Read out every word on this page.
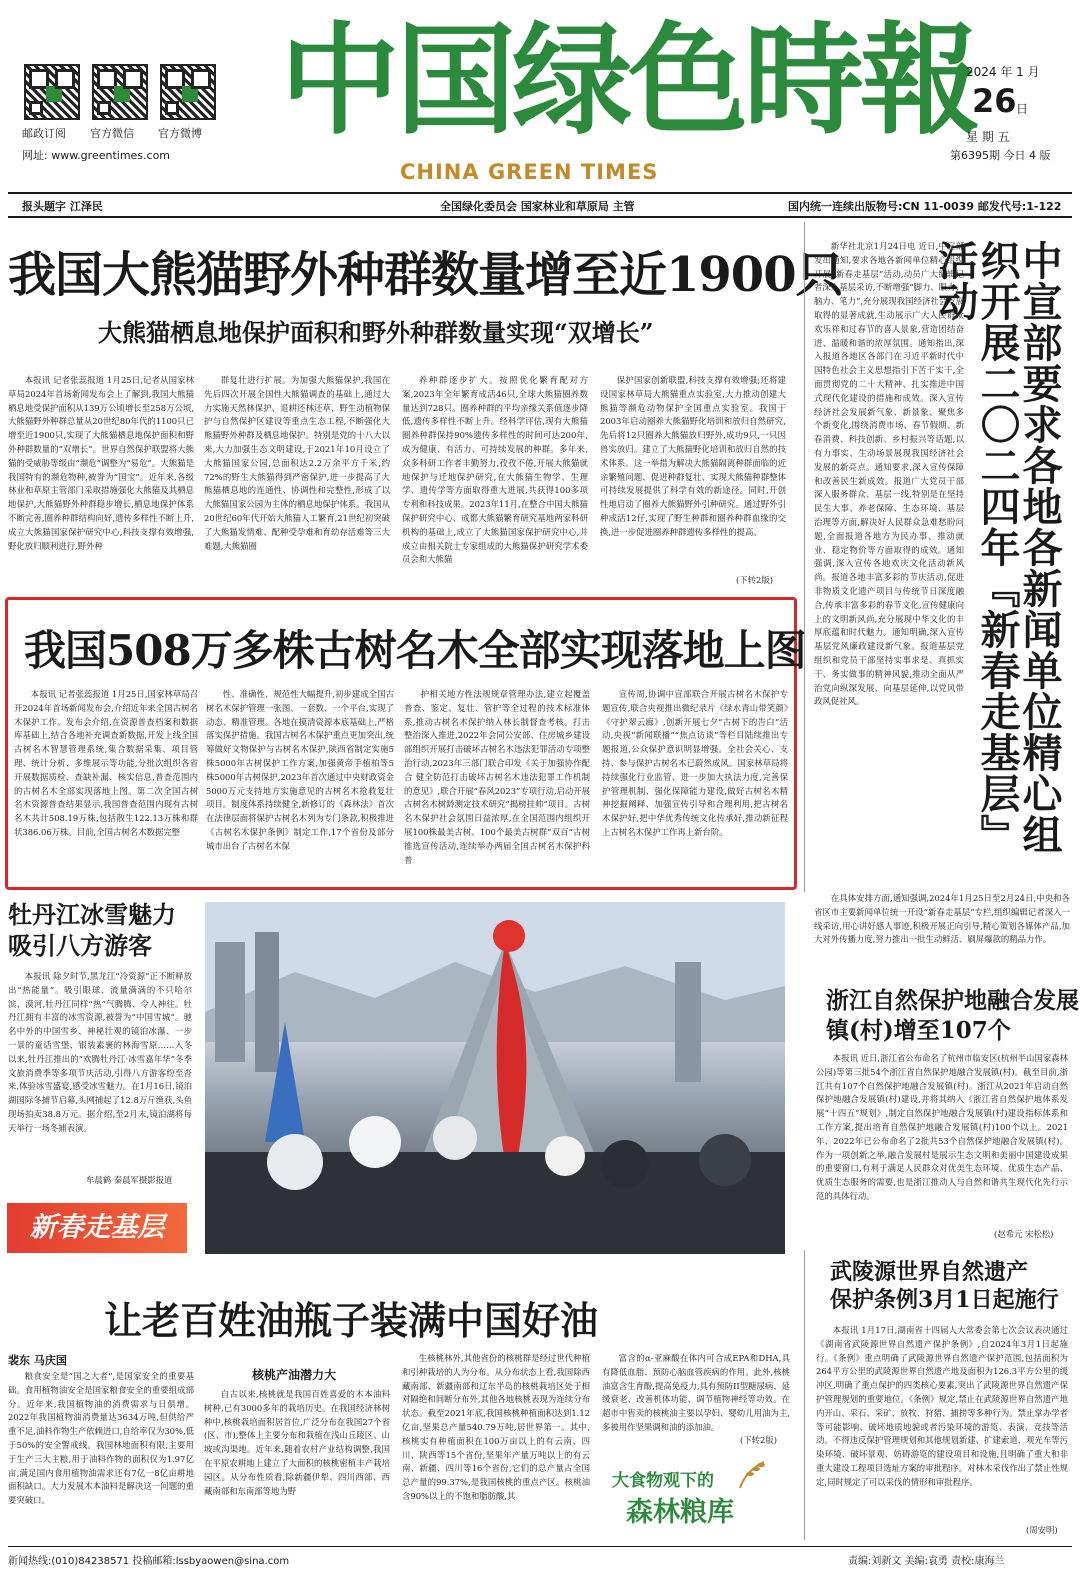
邮政订阅 官方微信 官方微博
网址: www.greentimes.com
中国绿色時報
CHINA GREEN TIMES
2024 年 1 月
26 日
星 期 五
第6395期 今日 4 版
报头题字 江泽民	全国绿化委员会 国家林业和草原局 主管	国内统一连续出版物号:CN 11-0039 邮发代号:1-122
我国大熊猫野外种群数量增至近1900只
大熊猫栖息地保护面积和野外种群数量实现“双增长”

本报讯 记者张蕊报道 1月25日,记者从国家林草局2024年首场新闻发布会上了解到,我国大熊猫栖息地受保护面积从139万公顷增长至258万公顷,大熊猫野外种群总量从20世纪80年代的1100只已增至近1900只,实现了大熊猫栖息地保护面积和野外种群数量的“双增长”。世界自然保护联盟将大熊猫的受威胁等级由“濒危”调整为“易危”。大熊猫是我国特有的濒危物种,被誉为“国宝”。近年来,各级林业和草原主管部门采取措施强化大熊猫及其栖息地保护,大熊猫野外种群稳步增长,栖息地保护体系不断完善,圈养种群结构向好,遗传多样性不断上升,成立大熊猫国家保护研究中心,科技支撑有效增强,野化放归顺利进行,野外种

群复壮进行扩展。为加强大熊猫保护,我国在先后四次开展全国性大熊猫调查的基础上,通过大力实施天然林保护、退耕还林还草、野生动植物保护与自然保护区建设等重点生态工程,不断强化大熊猫野外种群及栖息地保护。特别是党的十八大以来,大力加强生态文明建设,于2021年10月设立了大熊猫国家公园,总面积达2.2万余平方千米,约72%的野生大熊猫得到严密保护,进一步提高了大熊猫栖息地的连通性、协调性和完整性,形成了以大熊猫国家公园为主体的栖息地保护体系。我国从20世纪60年代开始大熊猫人工繁育,21世纪初突破了大熊猫发情难、配种受孕难和育幼存活难等三大难题,大熊猫圈

养种群逐步扩大。按照优化繁育配对方案,2023年全年繁育成活46只,全球大熊猫圈养数量达到728只。圈养种群的平均亲缘关系值逐步降低,遗传多样性不断上升。经科学评估,现有大熊猫圈养种群保持90%遗传多样性的时间可达200年,成为健康、有活力、可持续发展的种群。多年来,众多科研工作者丰勤努力,孜孜不倦,开展大熊猫就地保护与迁地保护研究,在大熊猫生物学、生理学、遗传学等方面取得重大进展,共获得100多项专利和科技成果。2023年11月,在整合中国大熊猫保护研究中心、成都大熊猫繁育研究基地两家科研机构的基础上,成立了大熊猫国家保护研究中心,并成立由相关院士专家组成的大熊猫保护研究学术委员会和大熊猫

保护国家创新联盟,科技支撑有效增强;还将建设国家林草局大熊猫重点实验室,大力推动创建大熊猫等濒危动物保护全国重点实验室。我国于2003年启动圈养大熊猫野化培训和放归自然研究,先后将12只圈养大熊猫放归野外,成功9只,一只因兽实放归。建立了大熊猫野化培训和放归自然的技术体系。这一举措为解决大熊猫隔离种群面临的近亲繁殖问题、促进种群复壮、实现大熊猫种群整体可持续发展提供了科学有效的新途径。同时,开创性地启动了圈养大熊猫野外引种研究。通过野外引种成活12仔,实现了野生种群和圈养种群血缘的交换,进一步促进圈养种群遗传多样性的提高。

(下转2版)

新华社北京1月24日电 近日,中宣部发出通知,要求各地各新闻单位精心组织开展“新春走基层”活动,动员广大编辑记者深入基层采访,不断增强“脚力、眼力、脑力、笔力”,充分展现我国经济社会发展取得的显著成就,生动展示广大人民群众欢乐祥和过春节的喜人景象,营造团结奋进、温暖和谐的浓厚氛围。通知指出,深入报道各地区各部门在习近平新时代中国特色社会主义思想指引下苦干实干,全面贯彻党的二十大精神、扎实推进中国式现代化建设的措施和成效。深入宣传经济社会发展新气象、新景象、聚焦多个新变化,围绕消费市场、春节假期、新春消费、科技创新、乡村振兴等话题,以有力事实、生动场景展现我国经济社会发展的新亮点。通知要求,深入宣传保障和改善民生新成效。报道广大党员干部深入服务群众、基层一线,特别是在坚持民生大事、养老保障、生态环境、基层治理等方面,解决好人民群众急难愁盼问题,全面报道各地方为民办事、推动就业、稳定物价等方面取得的成效。通知强调,深入宣传各地欢庆文化活动新风尚。报道各地丰富多彩的节庆活动,促进非物质文化遗产项目与传统节日深度融合,传承丰富多彩的春节文化,宣传健康向上的文明新风尚,充分展现中华文化的丰厚底蕴和时代魅力。通知明确,深入宣传基层党风廉政建设新气象。报道基层党组织和党员干部坚持实事求是、真抓实干、务实做事的精神风貌,推动全面从严治党向纵深发展、向基层延伸,以党风带政风促社风。	中宣部要求各地各新闻单位精心组织开展二〇二四年『新春走基层』活动

在具体安排方面,通知强调,2024年1月25日至2月24日,中央和各省区市主要新闻单位统一开设“新春走基层”专栏,组织编辑记者深入一线采访,用心讲好感人事迹,积极开展正向引导,精心策划各媒体产品,加大对外传播力度,努力推出一批生动鲜活、刷屏爆款的精品力作。

我国508万多株古树名木全部实现落地上图

本报讯 记者张蕊报道 1月25日,国家林草局召开2024年首场新闻发布会,介绍近年来全国古树名木保护工作。发布会介绍,在资源普查档案和数据库基础上,结合各地补充调查新数据,开发上线全国古树名木智慧管理系统,集合数据采集、项目管理、统计分析、多维展示等功能,分批次组织各省开展数据质检、查缺补漏、核实信息,普查范围内的古树名木全部实现落地上图。第二次全国古树名木资源普查结果显示,我国普查范围内现有古树名木共计508.19万株,包括散生122.13万株和群状386.06万株。目前,全国古树名木数据完整

性、准确性、规范性大幅提升,初步建成全国古树名木保护管理一张图、一套数、一个平台,实现了动态、精准管理。各地在摸清资源本底基础上,严格落实保护措施。我国古树名木保护重点更加突出,统筹做好文物保护与古树名木保护,陕西省制定实施5株5000年古树保护工作方案,加强黄帝手植柏等5株5000年古树保护,2023年首次通过中央财政资金5000万元支持地方实施意见的古树名木抢救复壮项目。制度体系持续健全,新修订的《森林法》首次在法律层面将保护古树名木列为专门条款,积极推进《古树名木保护条例》制定工作,17个省份及部分城市出台了古树名木保

护相关地方性法规规章管理办法,建立起覆盖普查、鉴定、复壮、管护等全过程的技术标准体系,推动古树名木保护纳入林长制督查考核。打击整治深入推进,2022年会同公安部、住房城乡建设部组织开展打击破坏古树名木违法犯罪活动专项整治行动,2023年三部门联合印发《关于加强协作配合 健全防范打击破坏古树名木违法犯罪工作机制的意见》,联合开展“春风2023”专项行动,启动开展古树名木树龄测定技术研究“揭榜挂帅”项目。古树名木保护社会氛围日益浓厚,在全国范围内组织开展100株最美古树、100个最美古树群“双百”古树推选宣传活动,连续举办两届全国古树名木保护科普

宣传周,协调中宣部联合开展古树名木保护专题宣传,联合央视推出微纪录片《绿水青山带笑颜》《守护翠云廊》,创新开展七夕“古树下的告白”活动,央视“新闻联播”“焦点访谈”等栏目陆续推出专题报道,公众保护意识明显增强。全社会关心、支持、参与保护古树名木已蔚然成风。国家林草局将持续强化行业监管、进一步加大执法力度,完善保护管理机制、强化保障能力建设,做好古树名木精神挖掘阐释、加强宣传引导和合理利用,把古树名木保护好,把中华优秀传统文化传承好,推动新征程上古树名木保护工作再上新台阶。

牡丹江冰雪魅力
吸引八方游客

本报讯 除夕时节,黑龙江“冷资源”正不断释放出“热能量”。吸引眼球、流量满满的不只哈尔滨、漠河,牡丹江同样“热”气腾腾、令人神往。牡丹江拥有丰富的冰雪资源,被誉为“中国雪城”。驰名中外的中国雪乡、神秘壮观的镜泊冰瀑、一步一景的童话雪堡、银装素裹的林海雪原……入冬以来,牡丹江推出的“欢腾牡丹江·冰雪嘉年华”冬季文旅消费季等多项节庆活动,引得八方游客纷至沓来,体验冰雪盛宴,感受冰雪魅力。在1月16日,镜泊湖国际冬捕节启幕,头网捕起了12.8万斤渔获,头鱼现场拍卖38.8万元。据介绍,至2月末,镜泊湖将每天举行一场冬捕表演。

牟晨鹤 秦晨军摄影报道
新春走基层
浙江自然保护地融合发展
镇(村)增至107个

本报讯 近日,浙江省公布命名了杭州市临安区(杭州半山国家森林公园)等第三批54个浙江省自然保护地融合发展镇(村)。截至目前,浙江共有107个自然保护地融合发展镇(村)。浙江从2021年启动自然保护地融合发展镇(村)建设,并将其纳入《浙江省自然保护地体系发展“十四五”规划》,制定自然保护地融合发展镇(村)建设指标体系和工作方案,提出培育自然保护地融合发展镇(村)100个以上。2021年、2022年已公布命名了2批共53个自然保护地融合发展镇(村)。作为一项创新之举,融合发展村是展示生态文明和美丽中国建设成果的重要窗口,有利于满足人民群众对优美生态环境、优质生态产品、优质生态服务的需要,也是浙江推动人与自然和谐共生现代化先行示范的具体行动。

(赵希元 宋松松)
武陵源世界自然遗产
保护条例3月1日起施行

本报讯 1月17日,湖南省十四届人大常委会第七次会议表决通过《湖南省武陵源世界自然遗产保护条例》,自2024年3月1日起施行。《条例》重点明确了武陵源世界自然遗产保护范围,包括面积为264平方公里的武陵源世界自然遗产地及面积为126.3平方公里的缓冲区,明确了重点保护的四类核心要素,突出了武陵源世界自然遗产保护管理规划的重要地位。《条例》规定,禁止在武陵源世界自然遗产地内开山、采石、采矿、放牧、狩猎、捕捞等多种行为。禁止掌办学者等可能影响、破坏地质地貌或者污染环境的游览、表演、竞技等活动。不得违反保护管理规划和其他规划新建、扩建索道、观光车等污染环境、破坏景观、妨碍游览的建设项目和设施,且明确了重大和非重大建设工程项目选址方案的审批程序。对林木采伐作出了禁止性规定,同时规定了可以采伐的情形和审批程序。

(周安明)
让老百姓油瓶子装满中国好油
裴东 马庆国
核桃产油潜力大

粮食安全是“国之大者”,是国家安全的重要基础。食用植物油安全是国家粮食安全的重要组成部分。近年来,我国植物油的消费需求与日俱增。2022年我国植物油消费量达3634万吨,但供给严重不足,油料作物生产依赖进口,自给率仅为30%,低于50%的安全警戒线。我国林地面积有限,主要用于生产三大主粮,用于油料作物的面积仅为1.97亿亩,满足国内食用植物油需求还有7亿一8亿亩耕地面积缺口。大力发展木本油料是解决这一问题的重要突破口。

自古以来,核桃就是我国百姓喜爱的木本油料树种,已有3000多年的栽培历史。在我国经济林树种中,核桃栽培面积居首位,广泛分布在我国27个省(区、市),整体上主要分布和栽植在浅山丘陵区、山坡或沟渠地。近年来,随着农村产业结构调整,我国在平原农耕地上建立了大面积的核桃密植丰产栽培园区。从分布性质看,除新疆伊犁、四川西部、西藏南部和东南部等地为野

生核桃林外,其他省份的核桃群是经过世代种植和引种栽培的人为分布。从分布状态上看,我国除西藏南部、新疆南部和辽东半岛的核桃栽培区处于相对隔绝和间断分布外,其他各地核桃表现为连续分布状态。截至2021年底,我国核桃种植面积达到1.12亿亩,坚果总产量540.79万吨,居世界第一。其中,核桃实有种植面积在100万亩以上的有云南、四川、陕西等15个省份,坚果年产量万吨以上的有云南、新疆、四川等16个省份,它们的总产量占全国总产量的99.37%,是我国核桃的重点产区。核桃油含90%以上的不饱和脂肪酸,其

富含的α-亚麻酸在体内可合成EPA和DHA,具有降低血脂、预防心脑血管疾病的作用。此外,核桃油富含生育酚,提高免疫力,具有预防II型糖尿病、延缓衰老、改善机体功能、调节植物神经等功效。在超市中售卖的核桃油主要以孕妇、婴幼儿用油为主,多被用作坚果调和油的添加油。

(下转2版)
大食物观下的
森林粮库
新闻热线:(010)84238571 投稿邮箱:lssbyaowen@sina.com	责编:刘新文 美编:袁勇 责校:康海兰
